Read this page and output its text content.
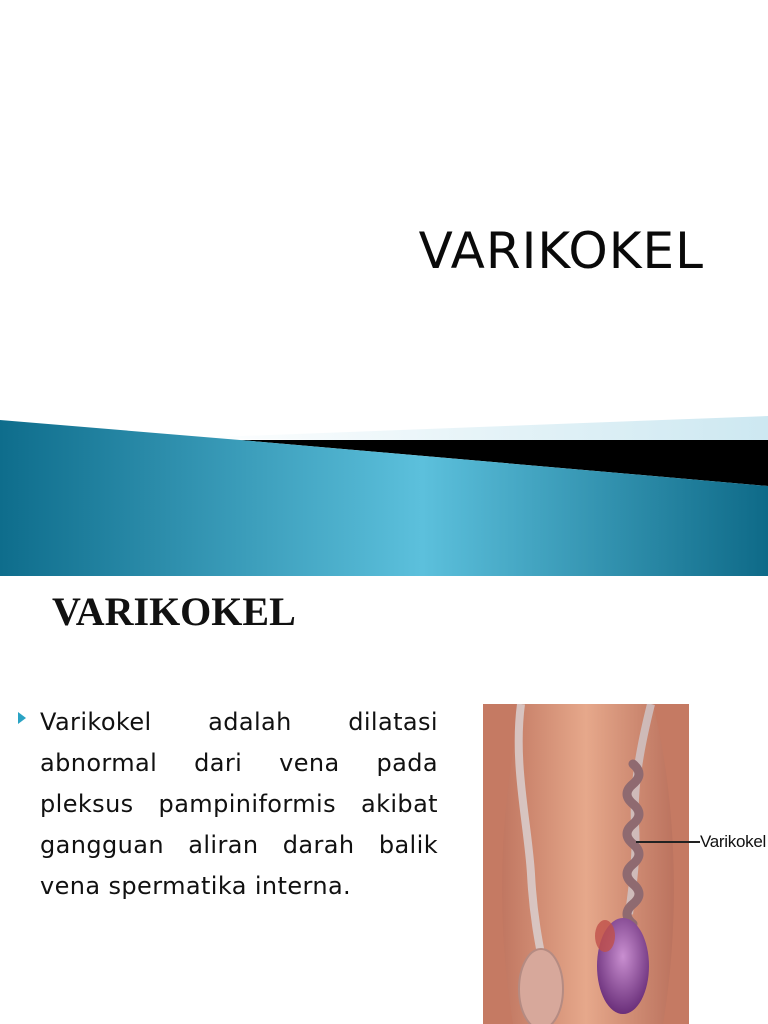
VARIKOKEL
VARIKOKEL
Varikokel adalah dilatasi abnormal dari vena pada pleksus pampiniformis akibat gangguan aliran darah balik vena spermatika interna.
Varikokel
